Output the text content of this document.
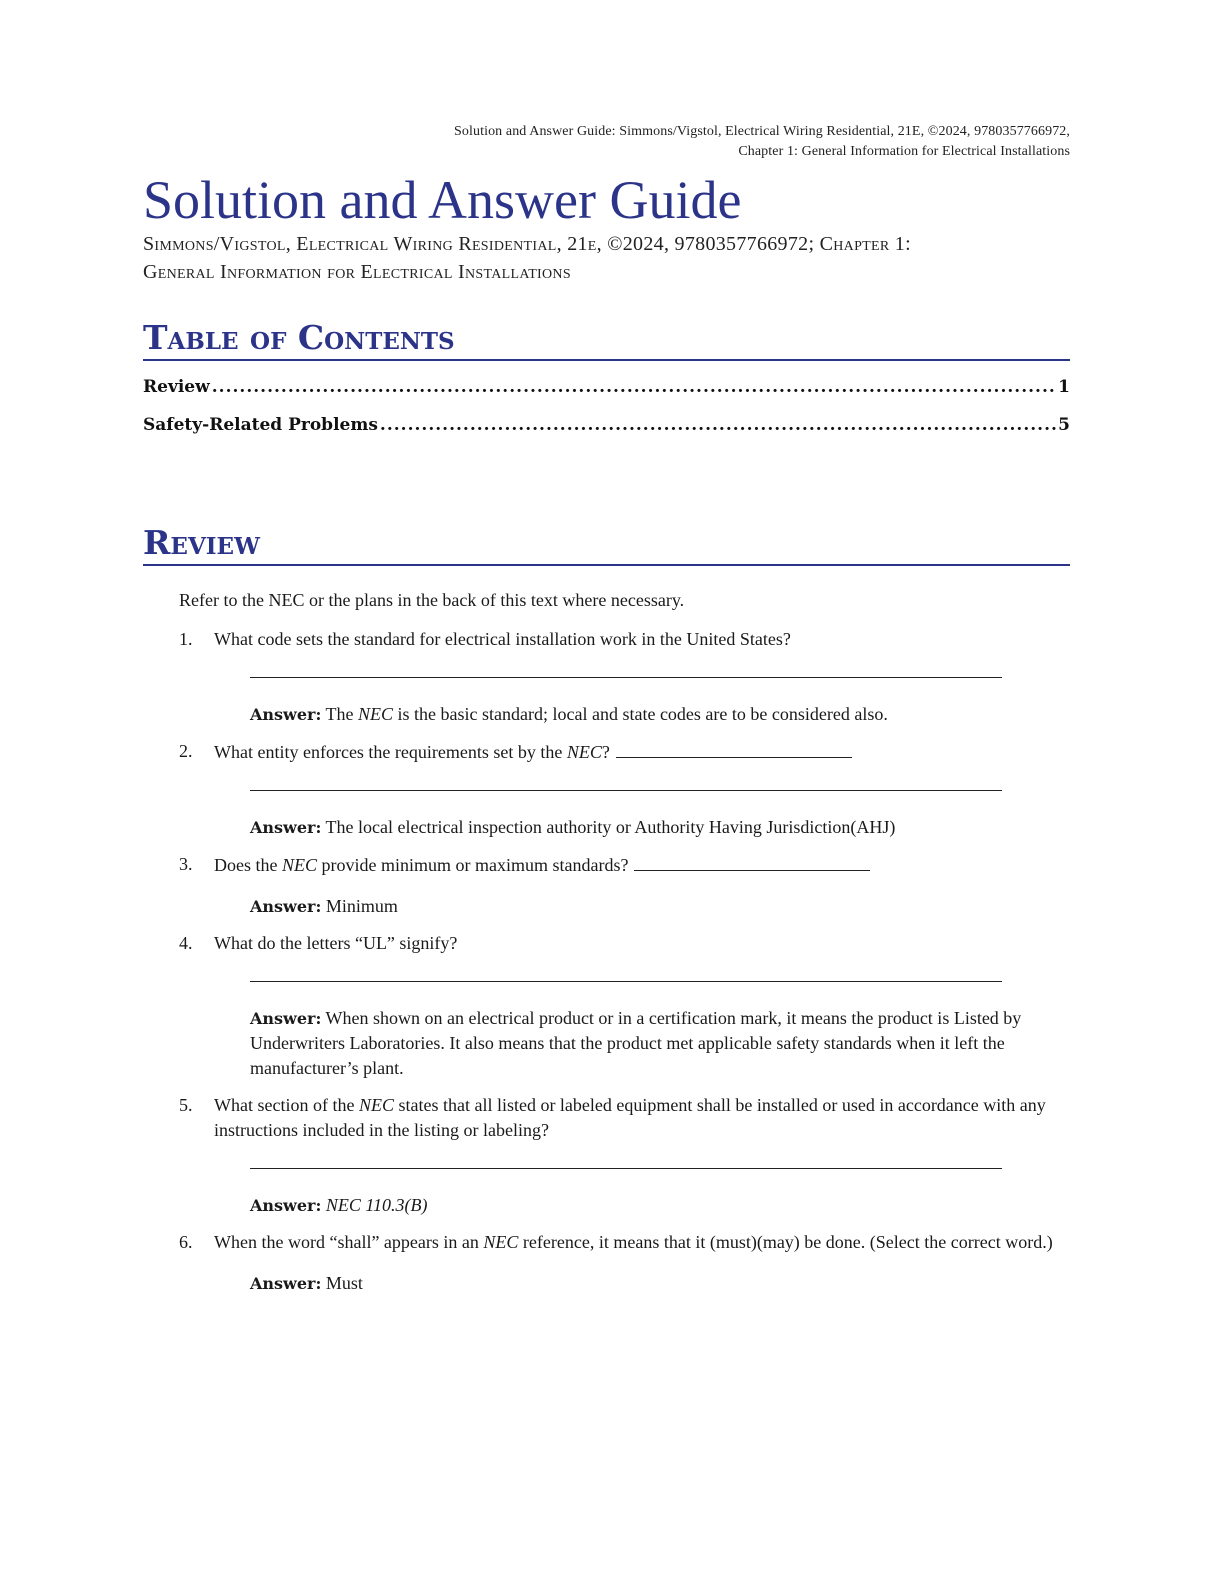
Solution and Answer Guide: Simmons/Vigstol, Electrical Wiring Residential, 21E, ©2024, 9780357766972,
Chapter 1: General Information for Electrical Installations
Solution and Answer Guide
Simmons/Vigstol, Electrical Wiring Residential, 21e, ©2024, 9780357766972; Chapter 1:
General Information for Electrical Installations
Table of Contents
Review .....	1
Safety-Related Problems .....	5
Review
Refer to the NEC or the plans in the back of this text where necessary.
1.	What code sets the standard for electrical installation work in the United States?
Answer: The NEC is the basic standard; local and state codes are to be considered also.
2.	What entity enforces the requirements set by the NEC?
Answer: The local electrical inspection authority or Authority Having Jurisdiction(AHJ)
3.	Does the NEC provide minimum or maximum standards?
Answer: Minimum
4.	What do the letters “UL” signify?
Answer: When shown on an electrical product or in a certification mark, it means the product is Listed by Underwriters Laboratories. It also means that the product met applicable safety standards when it left the manufacturer’s plant.
5.	What section of the NEC states that all listed or labeled equipment shall be installed or used in accordance with any instructions included in the listing or labeling?
Answer: NEC 110.3(B)
6.	When the word “shall” appears in an NEC reference, it means that it (must)(may) be done. (Select the correct word.)
Answer: Must
